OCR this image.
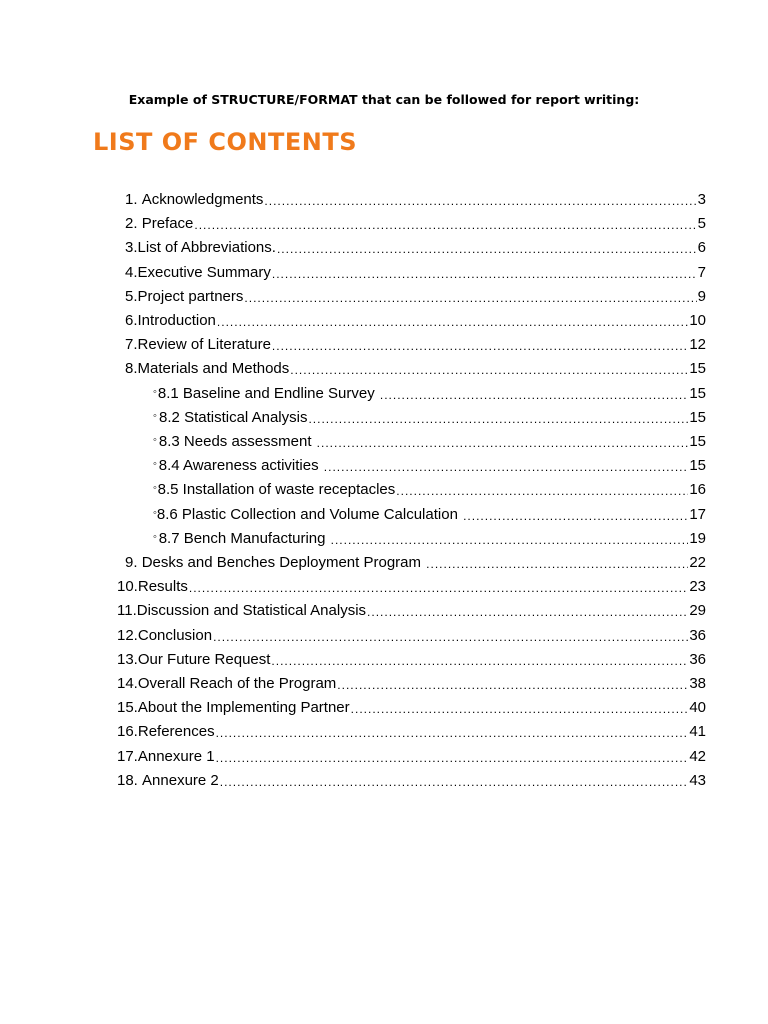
Example of STRUCTURE/FORMAT that can be followed for report writing:
LIST OF CONTENTS
1. Acknowledgments .....	3
2. Preface .....	5
3. List of Abbreviations. .....	6
4. Executive Summary .....	7
5. Project partners .....	9
6. Introduction .....	10
7. Review of Literature .....	12
8. Materials and Methods .....	15
◦ 8.1 Baseline and Endline Survey .....	15
◦ 8.2 Statistical Analysis .....	15
◦ 8.3 Needs assessment .....	15
◦ 8.4 Awareness activities .....	15
◦ 8.5 Installation of waste receptacles .....	16
◦ 8.6 Plastic Collection and Volume Calculation .....	17
◦ 8.7 Bench Manufacturing .....	19
9. Desks and Benches Deployment Program .....	22
10. Results .....	23
11. Discussion and Statistical Analysis .....	29
12. Conclusion .....	36
13. Our Future Request .....	36
14. Overall Reach of the Program .....	38
15. About the Implementing Partner .....	40
16. References .....	41
17. Annexure 1 .....	42
18. Annexure 2 .....	43
